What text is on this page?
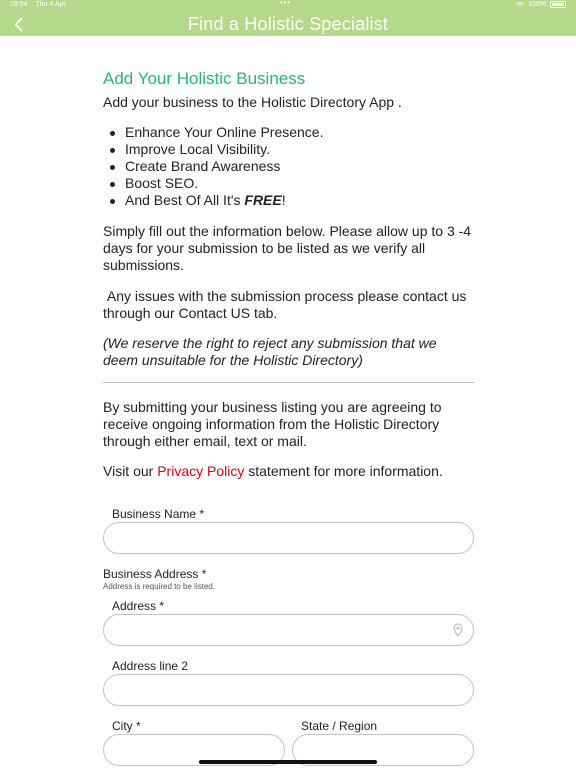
09:04 Thu 4 Apr	•••	100%
Find a Holistic Specialist
Add Your Holistic Business
Add your business to the Holistic Directory App .
Enhance Your Online Presence.
Improve Local Visibility.
Create Brand Awareness
Boost SEO.
And Best Of All It's FREE!
Simply fill out the information below. Please allow up to 3 -4 days for your submission to be listed as we verify all submissions.
Any issues with the submission process please contact us through our Contact US tab.
(We reserve the right to reject any submission that we deem unsuitable for the Holistic Directory)
By submitting your business listing you are agreeing to receive ongoing information from the Holistic Directory through either email, text or mail.
Visit our Privacy Policy statement for more information.
Business Name *
Business Address *
Address is required to be listed.
Address *
Address line 2
City *	State / Region
